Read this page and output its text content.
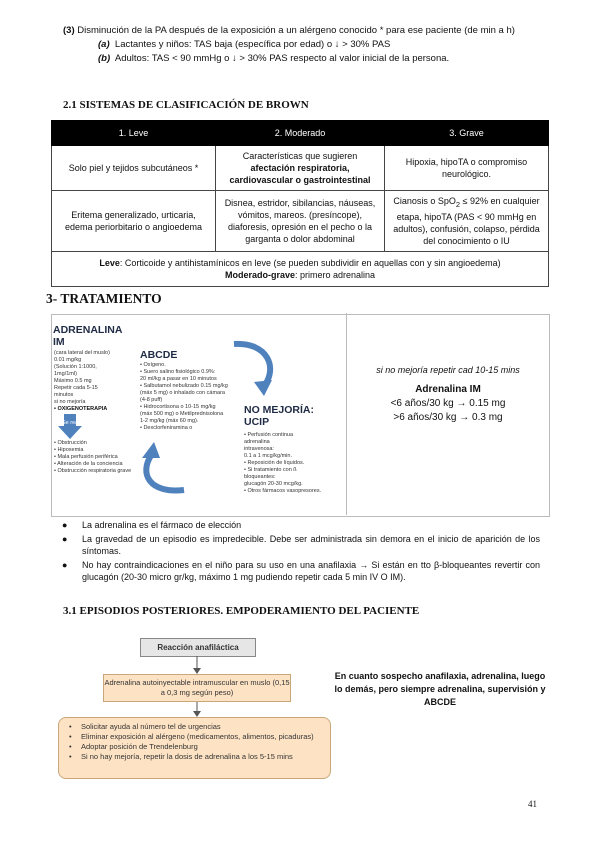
(3) Disminución de la PA después de la exposición a un alérgeno conocido * para ese paciente (de min a h)
(a) Lactantes y niños: TAS baja (específica por edad) o ↓ > 30% PAS
(b) Adultos: TAS < 90 mmHg o ↓ > 30% PAS respecto al valor inicial de la persona.
2.1 SISTEMAS DE CLASIFICACIÓN DE BROWN
1. Leve	2. Moderado	3. Grave
Solo piel y tejidos subcutáneos *	Características que sugieren afectación respiratoria, cardiovascular o gastrointestinal	Hipoxia, hipoTA o compromiso neurológico.
Eritema generalizado, urticaria, edema periorbitario o angioedema	Disnea, estridor, sibilancias, náuseas, vómitos, mareos. (presíncope), diaforesis, opresión en el pecho o la garganta o dolor abdominal	Cianosis o SpO$_2$ ≤ 92% en cualquier etapa, hipoTA (PAS < 90 mmHg en adultos), confusión, colapso, pérdida del conocimiento o IU
Leve: Corticoide y antihistamínicos en leve (se pueden subdividir en aquellas con y sin angioedema)
Moderado-grave: primero adrenalina		
3- TRATAMIENTO
ADRENALINA
IM
(cara lateral del muslo)
0.01 mg/kg
(Solución 1:1000,
1mg/1ml)
Máximo 0.5 mg
Repetir cada 5-15
minutos
si no mejoría
• OXIGENOTERAPIA
Se realiza
• Obstrucción
• Hipoxemia
• Mala perfusión periférica
• Alteración de la conciencia
• Obstrucción respiratoria grave
ABCDE
• Oxígeno.
• Suero salino fisiológico 0.9%:
20 ml/kg a pasar en 10 minutos
• Salbutamol nebulizado 0.15 mg/kg
(máx 5 mg) o inhalado con cámara
(4-8 puff)
• Hidrocortisona o 10-15 mg/kg
(máx 500 mg) o Metilprednisolona
1-2 mg/kg (máx 60 mg).
• Dexclorfeniramina o
NO MEJORÍA:
UCIP
• Perfusión continua
adrenalina
intravenosa:
0.1 a 1 mcg/kg/min.
• Reposición de líquidos.
• Si tratamiento con ß
bloqueantes:
glucagón 20-30 mcg/kg.
• Otros fármacos vasopresores.
si no mejoría repetir cad 10-15 mins
Adrenalina IM
<6 años/30 kg → 0.15 mg
>6 años/30 kg → 0.3 mg
● La adrenalina es el fármaco de elección
● La gravedad de un episodio es impredecible. Debe ser administrada sin demora en el inicio de aparición de los síntomas.
● No hay contraindicaciones en el niño para su uso en una anafilaxia → Si están en tto β-bloqueantes revertir con glucagón (20-30 micro gr/kg, máximo 1 mg pudiendo repetir cada 5 min IV O IM).
3.1 EPISODIOS POSTERIORES. EMPODERAMIENTO DEL PACIENTE
Reacción anafiláctica
Adrenalina autoinyectable intramuscular en muslo (0,15 a 0,3 mg según peso)
• Solicitar ayuda al número tel de urgencias
• Eliminar exposición al alérgeno (medicamentos, alimentos, picaduras)
• Adoptar posición de Trendelenburg
• Si no hay mejoría, repetir la dosis de adrenalina a los 5-15 mins
En cuanto sospecho anafilaxia, adrenalina, luego lo demás, pero siempre adrenalina, supervisión y ABCDE
41
